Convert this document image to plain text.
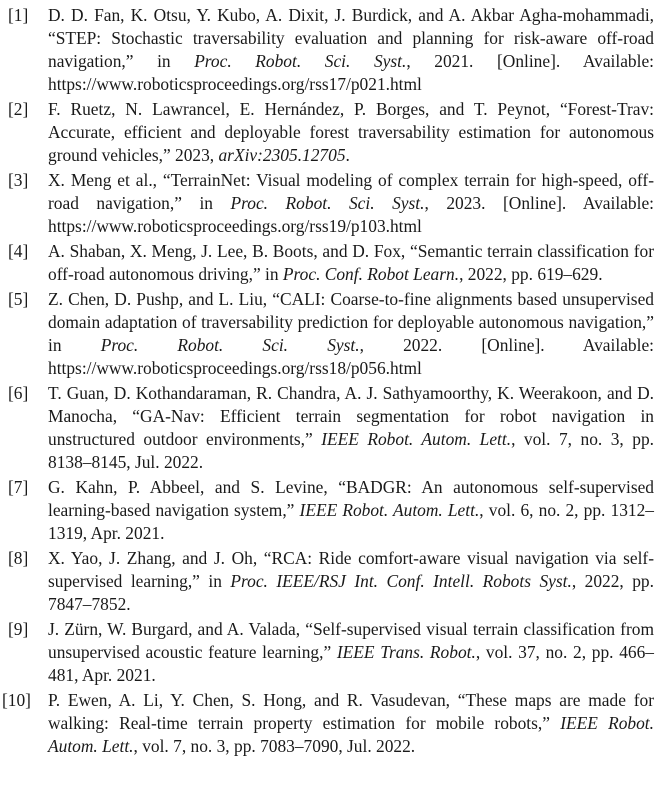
[1]	D. D. Fan, K. Otsu, Y. Kubo, A. Dixit, J. Burdick, and A. Akbar Agha-mohammadi, “STEP: Stochastic traversability evaluation and planning for risk-aware off-road navigation,” in Proc. Robot. Sci. Syst., 2021. [Online]. Available: https://www.roboticsproceedings.org/rss17/p021.html
[2]	F. Ruetz, N. Lawrancel, E. Hernández, P. Borges, and T. Peynot, “Forest-Trav: Accurate, efficient and deployable forest traversability estimation for autonomous ground vehicles,” 2023, arXiv:2305.12705.
[3]	X. Meng et al., “TerrainNet: Visual modeling of complex terrain for high-speed, off-road navigation,” in Proc. Robot. Sci. Syst., 2023. [Online]. Available: https://www.roboticsproceedings.org/rss19/p103.html
[4]	A. Shaban, X. Meng, J. Lee, B. Boots, and D. Fox, “Semantic terrain classification for off-road autonomous driving,” in Proc. Conf. Robot Learn., 2022, pp. 619–629.
[5]	Z. Chen, D. Pushp, and L. Liu, “CALI: Coarse-to-fine alignments based unsupervised domain adaptation of traversability prediction for deployable autonomous navigation,” in Proc. Robot. Sci. Syst., 2022. [Online]. Available: https://www.roboticsproceedings.org/rss18/p056.html
[6]	T. Guan, D. Kothandaraman, R. Chandra, A. J. Sathyamoorthy, K. Weerakoon, and D. Manocha, “GA-Nav: Efficient terrain segmentation for robot navigation in unstructured outdoor environments,” IEEE Robot. Autom. Lett., vol. 7, no. 3, pp. 8138–8145, Jul. 2022.
[7]	G. Kahn, P. Abbeel, and S. Levine, “BADGR: An autonomous self-supervised learning-based navigation system,” IEEE Robot. Autom. Lett., vol. 6, no. 2, pp. 1312–1319, Apr. 2021.
[8]	X. Yao, J. Zhang, and J. Oh, “RCA: Ride comfort-aware visual navigation via self-supervised learning,” in Proc. IEEE/RSJ Int. Conf. Intell. Robots Syst., 2022, pp. 7847–7852.
[9]	J. Zürn, W. Burgard, and A. Valada, “Self-supervised visual terrain classification from unsupervised acoustic feature learning,” IEEE Trans. Robot., vol. 37, no. 2, pp. 466–481, Apr. 2021.
[10] P. Ewen, A. Li, Y. Chen, S. Hong, and R. Vasudevan, “These maps are made for walking: Real-time terrain property estimation for mobile robots,” IEEE Robot. Autom. Lett., vol. 7, no. 3, pp. 7083–7090, Jul. 2022.
